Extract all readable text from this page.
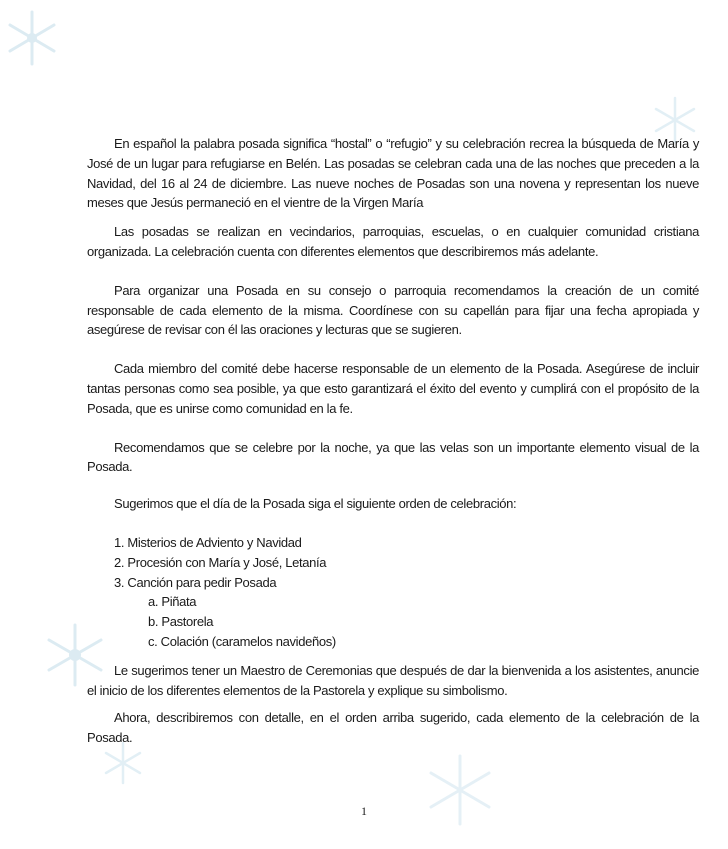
En español la palabra posada significa “hostal” o “refugio” y su celebración recrea la búsqueda de María y José de un lugar para refugiarse en Belén. Las posadas se celebran cada una de las noches que preceden a la Navidad, del 16 al 24 de diciembre. Las nueve noches de Posadas son una novena y representan los nueve meses que Jesús permaneció en el vientre de la Virgen María

Las posadas se realizan en vecindarios, parroquias, escuelas, o en cualquier comunidad cristiana organizada. La celebración cuenta con diferentes elementos que describiremos más adelante.

Para organizar una Posada en su consejo o parroquia recomendamos la creación de un comité responsable de cada elemento de la misma. Coordínese con su capellán para fijar una fecha apropiada y asegúrese de revisar con él las oraciones y lecturas que se sugieren.

Cada miembro del comité debe hacerse responsable de un elemento de la Posada. Asegúrese de incluir tantas personas como sea posible, ya que esto garantizará el éxito del evento y cumplirá con el propósito de la Posada, que es unirse como comunidad en la fe.

Recomendamos que se celebre por la noche, ya que las velas son un importante elemento visual de la Posada.

Sugerimos que el día de la Posada siga el siguiente orden de celebración:

1. Misterios de Adviento y Navidad
2. Procesión con María y José, Letanía
3. Canción para pedir Posada
a. Piñata
b. Pastorela
c. Colación (caramelos navideños)

Le sugerimos tener un Maestro de Ceremonias que después de dar la bienvenida a los asistentes, anuncie el inicio de los diferentes elementos de la Pastorela y explique su simbolismo.

Ahora, describiremos con detalle, en el orden arriba sugerido, cada elemento de la celebración de la Posada.

1
